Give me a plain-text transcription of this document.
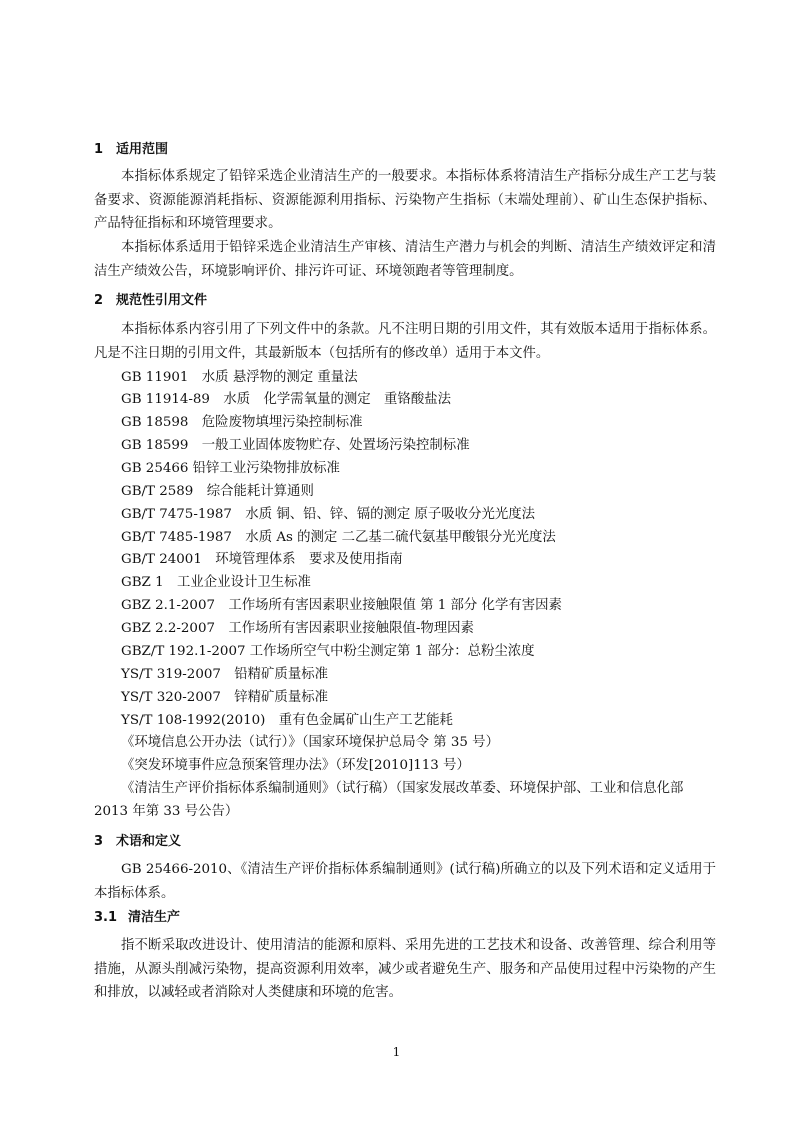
1 适用范围
本指标体系规定了铅锌采选企业清洁生产的一般要求。本指标体系将清洁生产指标分成生产工艺与装备要求、资源能源消耗指标、资源能源利用指标、污染物产生指标（末端处理前）、矿山生态保护指标、产品特征指标和环境管理要求。
本指标体系适用于铅锌采选企业清洁生产审核、清洁生产潜力与机会的判断、清洁生产绩效评定和清洁生产绩效公告，环境影响评价、排污许可证、环境领跑者等管理制度。
2 规范性引用文件
本指标体系内容引用了下列文件中的条款。凡不注明日期的引用文件，其有效版本适用于指标体系。凡是不注日期的引用文件，其最新版本（包括所有的修改单）适用于本文件。
GB 11901　水质 悬浮物的测定 重量法
GB 11914-89　水质　化学需氧量的测定　重铬酸盐法
GB 18598　危险废物填埋污染控制标准
GB 18599　一般工业固体废物贮存、处置场污染控制标准
GB 25466 铅锌工业污染物排放标准
GB/T 2589　综合能耗计算通则
GB/T 7475-1987　水质 铜、铅、锌、镉的测定 原子吸收分光光度法
GB/T 7485-1987　水质 As 的测定 二乙基二硫代氨基甲酸银分光光度法
GB/T 24001　环境管理体系　要求及使用指南
GBZ 1　工业企业设计卫生标准
GBZ 2.1-2007　工作场所有害因素职业接触限值 第 1 部分 化学有害因素
GBZ 2.2-2007　工作场所有害因素职业接触限值-物理因素
GBZ/T 192.1-2007 工作场所空气中粉尘测定第 1 部分：总粉尘浓度
YS/T 319-2007　铅精矿质量标准
YS/T 320-2007　锌精矿质量标准
YS/T 108-1992(2010)　重有色金属矿山生产工艺能耗
《环境信息公开办法（试行）》（国家环境保护总局令 第 35 号）
《突发环境事件应急预案管理办法》（环发[2010]113 号）
《清洁生产评价指标体系编制通则》（试行稿）（国家发展改革委、环境保护部、工业和信息化部
2013 年第 33 号公告）
3 术语和定义
GB 25466-2010、《清洁生产评价指标体系编制通则》(试行稿)所确立的以及下列术语和定义适用于本指标体系。
3.1 清洁生产
指不断采取改进设计、使用清洁的能源和原料、采用先进的工艺技术和设备、改善管理、综合利用等措施，从源头削减污染物，提高资源利用效率，减少或者避免生产、服务和产品使用过程中污染物的产生和排放，以减轻或者消除对人类健康和环境的危害。
1
